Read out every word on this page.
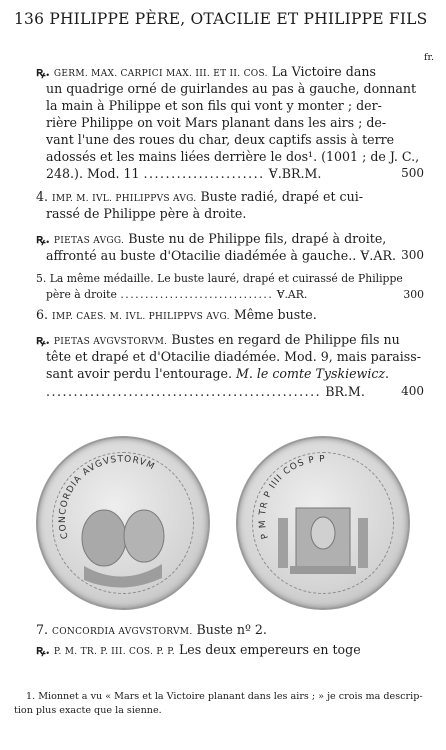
136 PHILIPPE PÈRE, OTACILIE ET PHILIPPE FILS
fr.
ꝶ. GERM. MAX. CARPICI MAX. III. ET II. COS. La Victoire dans
un quadrige orné de guirlandes au pas à gauche, donnant
la main à Philippe et son fils qui vont y monter ; der-
rière Philippe on voit Mars planant dans les airs ; de-
vant l'une des roues du char, deux captifs assis à terre
adossés et les mains liées derrière le dos¹. (1001 ; de J. C.,
248.). Mod. 11 ...................... Ɐ.BR.M.	500
4. IMP. M. IVL. PHILIPPVS AVG. Buste radié, drapé et cui-
rassé de Philippe père à droite.
ꝶ. PIETAS AVGG. Buste nu de Philippe fils, drapé à droite,
affronté au buste d'Otacilie diadémée à gauche.. Ɐ.AR. 300
5. La même médaille. Le buste lauré, drapé et cuirassé de Philippe
père à droite ............................... Ɐ.AR.	300
6. IMP. CAES. M. IVL. PHILIPPVS AVG. Même buste.
ꝶ. PIETAS AVGVSTORVM. Bustes en regard de Philippe fils nu
tête et drapé et d'Otacilie diadémée. Mod. 9, mais paraiss-
sant avoir perdu l'entourage. M. le comte Tyskiewicz.
.................................................. BR.M.	400
CONCORDIA AVGVSTORVM
P M TR P IIII COS P P
7. CONCORDIA AVGVSTORVM. Buste nº 2.
ꝶ. P. M. TR. P. III. COS. P. P. Les deux empereurs en toge
1. Mionnet a vu « Mars et la Victoire planant dans les airs ; » je crois ma descrip-
tion plus exacte que la sienne.
